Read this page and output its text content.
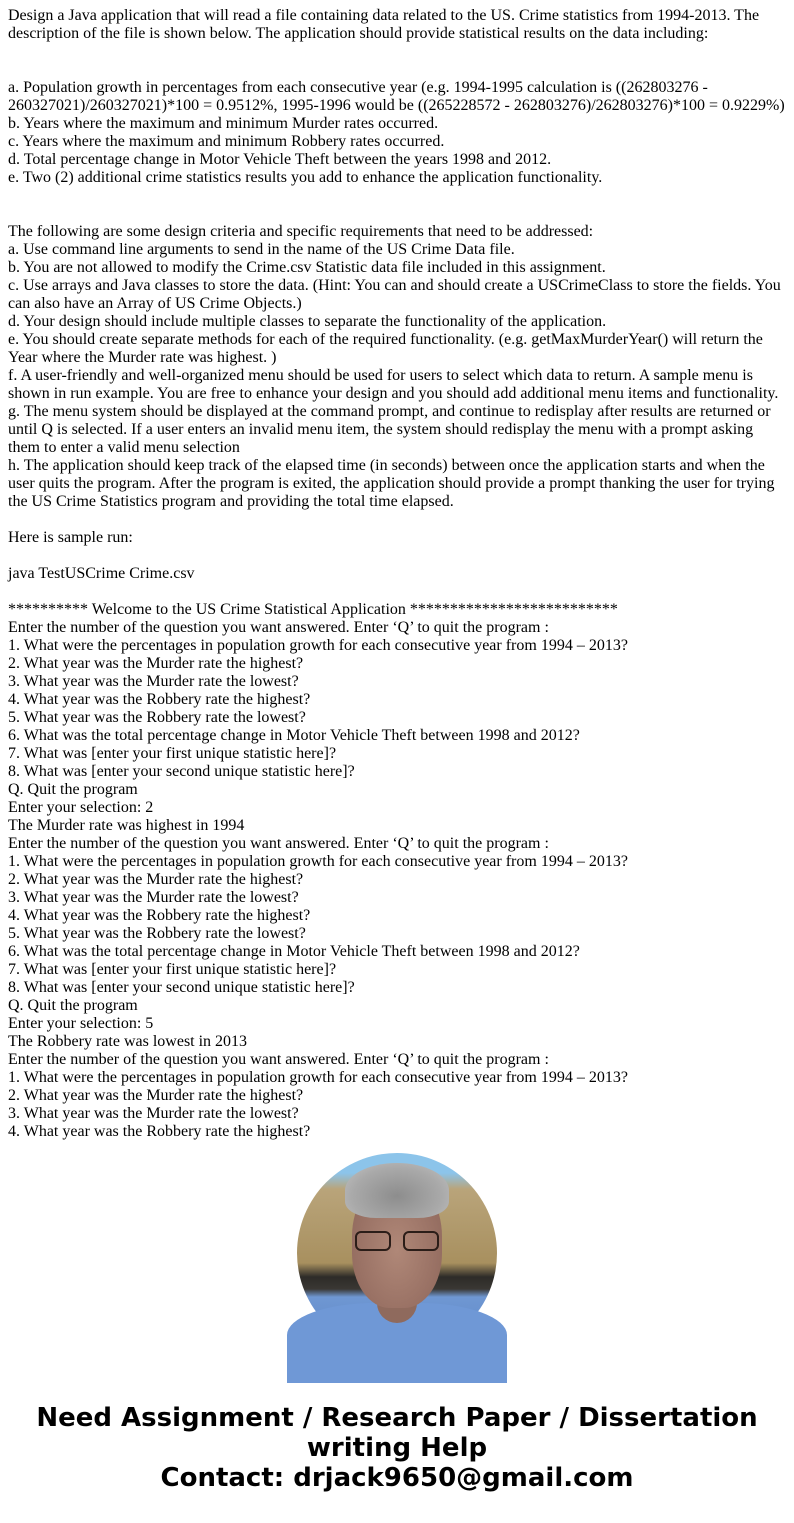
Design a Java application that will read a file containing data related to the US. Crime statistics from 1994-2013. The description of the file is shown below. The application should provide statistical results on the data including:

a. Population growth in percentages from each consecutive year (e.g. 1994-1995 calculation is ((262803276 - 260327021)/260327021)*100 = 0.9512%, 1995-1996 would be ((265228572 - 262803276)/262803276)*100 = 0.9229%)

b. Years where the maximum and minimum Murder rates occurred.

c. Years where the maximum and minimum Robbery rates occurred.

d. Total percentage change in Motor Vehicle Theft between the years 1998 and 2012.

e. Two (2) additional crime statistics results you add to enhance the application functionality.

The following are some design criteria and specific requirements that need to be addressed:

a. Use command line arguments to send in the name of the US Crime Data file.

b. You are not allowed to modify the Crime.csv Statistic data file included in this assignment.

c. Use arrays and Java classes to store the data. (Hint: You can and should create a USCrimeClass to store the fields. You can also have an Array of US Crime Objects.)

d. Your design should include multiple classes to separate the functionality of the application.

e. You should create separate methods for each of the required functionality. (e.g. getMaxMurderYear() will return the Year where the Murder rate was highest. )

f. A user-friendly and well-organized menu should be used for users to select which data to return. A sample menu is shown in run example. You are free to enhance your design and you should add additional menu items and functionality.

g. The menu system should be displayed at the command prompt, and continue to redisplay after results are returned or until Q is selected. If a user enters an invalid menu item, the system should redisplay the menu with a prompt asking them to enter a valid menu selection

h. The application should keep track of the elapsed time (in seconds) between once the application starts and when the user quits the program. After the program is exited, the application should provide a prompt thanking the user for trying the US Crime Statistics program and providing the total time elapsed.

Here is sample run:

java TestUSCrime Crime.csv

********** Welcome to the US Crime Statistical Application **************************

Enter the number of the question you want answered. Enter ‘Q’ to quit the program :

1. What were the percentages in population growth for each consecutive year from 1994 – 2013?

2. What year was the Murder rate the highest?

3. What year was the Murder rate the lowest?

4. What year was the Robbery rate the highest?

5. What year was the Robbery rate the lowest?

6. What was the total percentage change in Motor Vehicle Theft between 1998 and 2012?

7. What was [enter your first unique statistic here]?

8. What was [enter your second unique statistic here]?

Q. Quit the program

Enter your selection: 2

The Murder rate was highest in 1994

Enter the number of the question you want answered. Enter ‘Q’ to quit the program :

1. What were the percentages in population growth for each consecutive year from 1994 – 2013?

2. What year was the Murder rate the highest?

3. What year was the Murder rate the lowest?

4. What year was the Robbery rate the highest?

5. What year was the Robbery rate the lowest?

6. What was the total percentage change in Motor Vehicle Theft between 1998 and 2012?

7. What was [enter your first unique statistic here]?

8. What was [enter your second unique statistic here]?

Q. Quit the program

Enter your selection: 5

The Robbery rate was lowest in 2013

Enter the number of the question you want answered. Enter ‘Q’ to quit the program :

1. What were the percentages in population growth for each consecutive year from 1994 – 2013?

2. What year was the Murder rate the highest?

3. What year was the Murder rate the lowest?

4. What year was the Robbery rate the highest?

Need Assignment / Research Paper / Dissertation

writing Help

Contact: drjack9650@gmail.com
